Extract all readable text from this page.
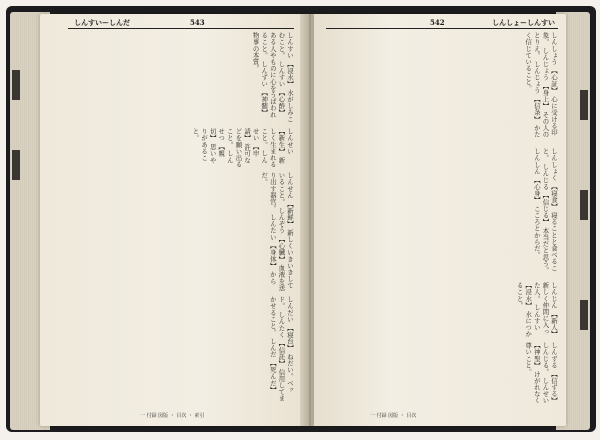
しんすいーしんだ	543
しんすい 【浸水】 水がしみこむこと。 しんすい 【心酔】 ある人やものに心をうばわれること。 しんずい 【神髄】 物事の本質。
しんせい 【新生】 新しく生まれること。 しんせい 【申請】 許可などを願い出ること。 しんせつ 【親切】 思いやりがあること。
しんせん 【新鮮】 新しくいきいきしていること。 しんぞう 【心臓】 血液を送り出す器官。 しんたい 【身体】 からだ。
しんだい 【寝台】 ねだい。ベッド。 しんたく 【信託】 信用してまかせること。 しんだ 【死んだ】
一 付録 図版 ・ 目次 ・ 索引
542	しんしょーしんすい
しんしょう 【心証】 心に受ける印象。 しんじょう 【身上】 その人のとりえ。 しんじょう 【信条】 かたく信じていること。
しんしょく 【寝食】 寝ることと食べること。 しんじる 【信じる】 本当だと思う。 しんしん 【心身】 こころとからだ。
しんじん 【新人】 新しく仲間に入った人。 しんすい 【浸水】 水につかること。
しんずる 【信ずる】 しんじる。 しんせい 【神聖】 けがれなく尊いこと。
一 付録 図版 ・ 目次
